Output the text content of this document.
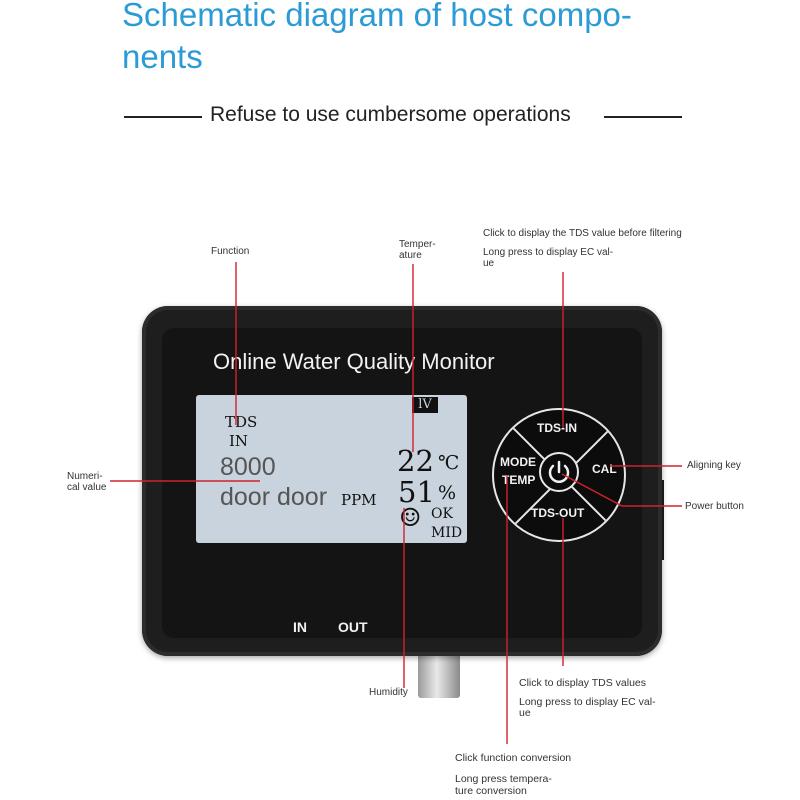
Schematic diagram of host compo-
nents
Refuse to use cumbersome operations
Online Water Quality Monitor
lV
TDS
IN
8000
door door PPM
22 ℃
51 %
☺ OK
MID
TDS-IN
TDS-OUT
MODE
TEMP
CAL
IN OUT
Function
Temper-
ature
Click to display the TDS value before filtering
Long press to display EC val-
ue
Numeri-
cal value
Aligning key
Power button
Click to display TDS values
Long press to display EC val-
ue
Humidity
Click function conversion
Long press tempera-
ture conversion
